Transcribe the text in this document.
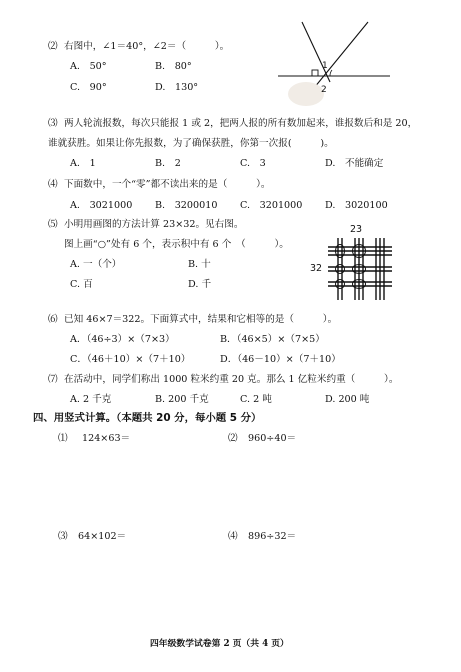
⑵ 右图中，∠1＝40°，∠2＝（　　　）。
A.　50°	B.　80°
C.　90°	D.　130°
1
2
⑶ 两人轮流报数，每次只能报 1 或 2，把两人报的所有数加起来，谁报数后和是 20，
谁就获胜。如果让你先报数，为了确保获胜，你第一次报(　　　)。
A.　1	B.　2	C.　3	D.　不能确定
⑷ 下面数中，一个“零”都不读出来的是（　　　）。
A.　3021000 B.　3200010 C.　3201000 D.　3020100
⑸ 小明用画图的方法计算 23×32。见右图。
图上画“○”处有 6 个，表示积中有 6 个　（　　　）。
A. 一（个）	B. 十
C. 百	D. 千
23
32
⑹ 已知 46×7＝322。下面算式中，结果和它相等的是（　　　）。
A．（46÷3）×（7×3）	B．（46×5）×（7×5）
C．（46＋10）×（7＋10）	D．（46－10）×（7＋10）
⑺ 在活动中，同学们称出 1000 粒米约重 20 克。那么 1 亿粒米约重（　　　）。
A. 2 千克	B. 200 千克	C. 2 吨	D. 200 吨
四、用竖式计算。（本题共 20 分，每小题 5 分）
⑴ 124×63＝	⑵ 960÷40＝
⑶ 64×102＝	⑷ 896÷32＝
四年级数学试卷第 2 页（共 4 页）
